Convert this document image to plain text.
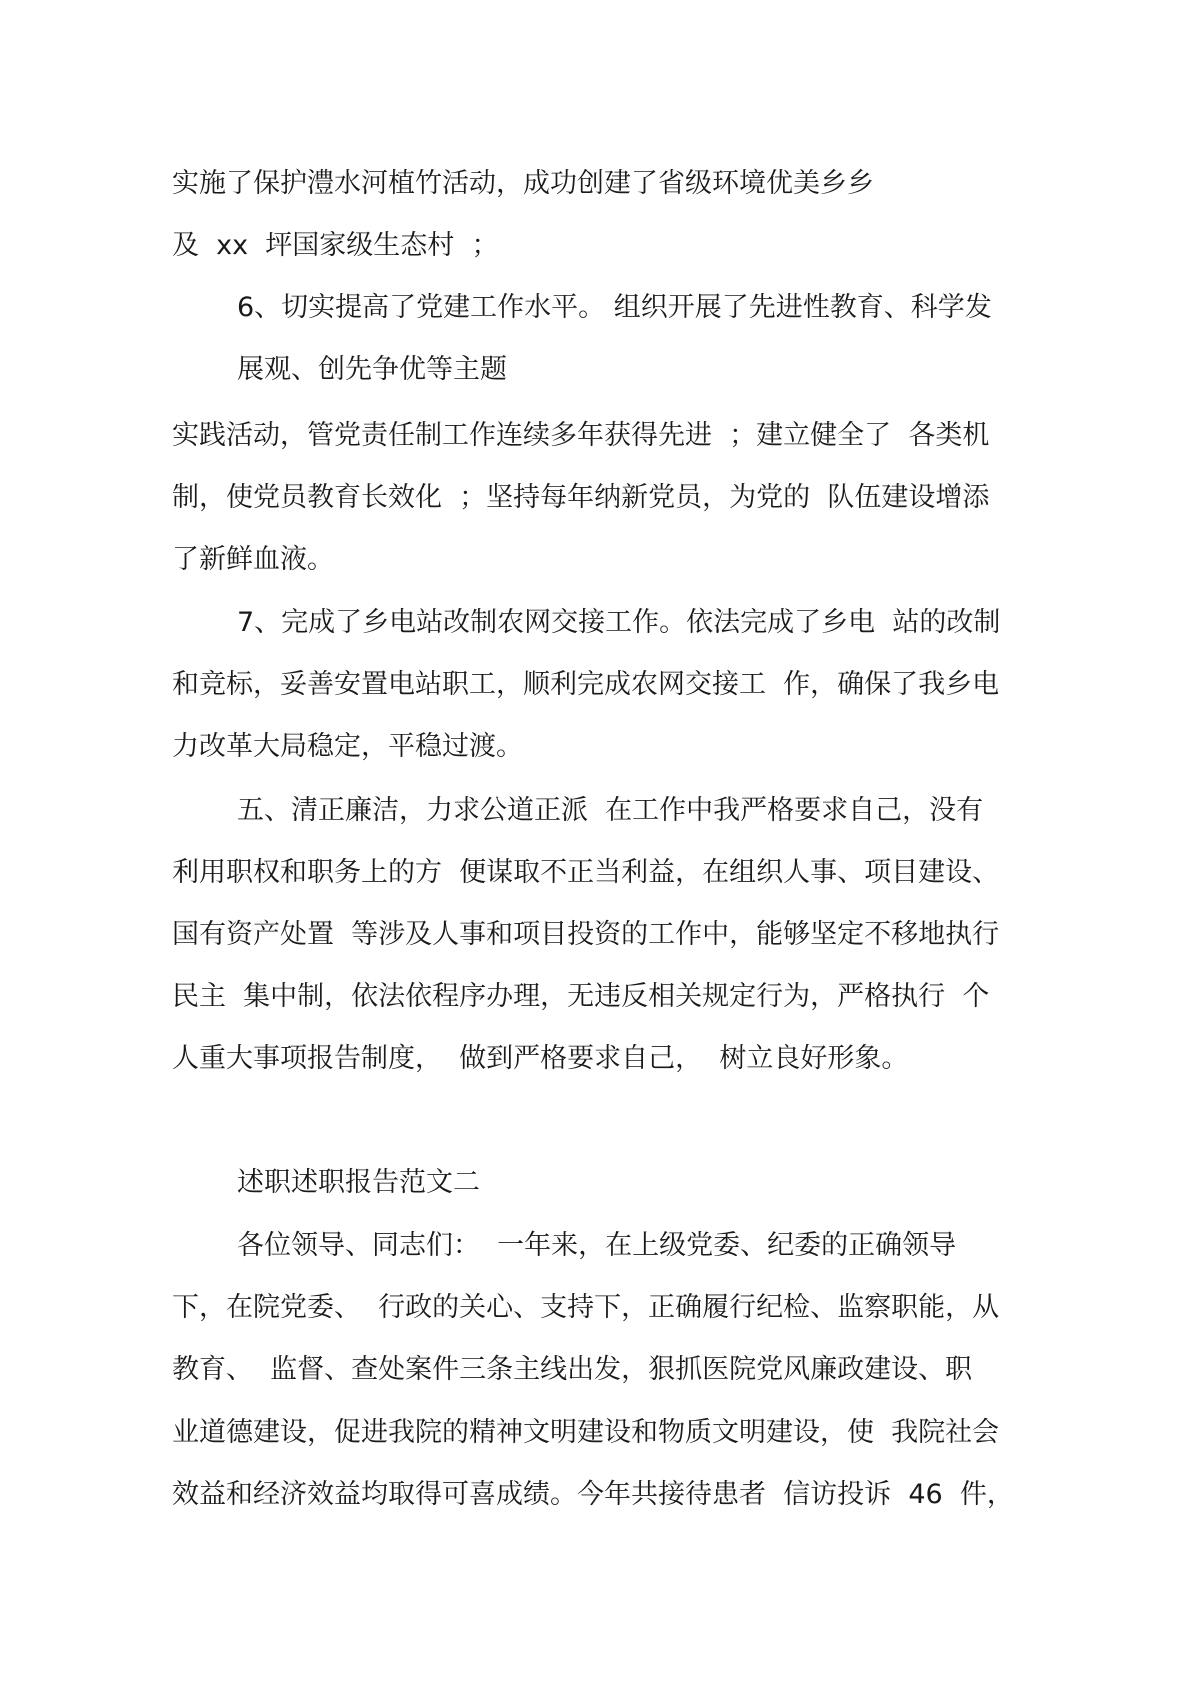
实施了保护澧水河植竹活动，成功创建了省级环境优美乡乡
及  xx  坪国家级生态村  ；
6、切实提高了党建工作水平。 组织开展了先进性教育、科学发
展观、创先争优等主题
实践活动，管党责任制工作连续多年获得先进  ；建立健全了  各类机
制，使党员教育长效化  ；坚持每年纳新党员，为党的  队伍建设增添
了新鲜血液。
7、完成了乡电站改制农网交接工作。依法完成了乡电  站的改制
和竞标，妥善安置电站职工，顺利完成农网交接工  作，确保了我乡电
力改革大局稳定，平稳过渡。
五、清正廉洁，力求公道正派  在工作中我严格要求自己，没有
利用职权和职务上的方  便谋取不正当利益，在组织人事、项目建设、
国有资产处置  等涉及人事和项目投资的工作中，能够坚定不移地执行
民主  集中制，依法依程序办理，无违反相关规定行为，严格执行  个
人重大事项报告制度，  做到严格要求自己，  树立良好形象。
述职述职报告范文二
各位领导、同志们：  一年来，在上级党委、纪委的正确领导
下，在院党委、  行政的关心、支持下，正确履行纪检、监察职能，从
教育、  监督、查处案件三条主线出发，狠抓医院党风廉政建设、职
业道德建设，促进我院的精神文明建设和物质文明建设，使  我院社会
效益和经济效益均取得可喜成绩。今年共接待患者  信访投诉  46  件，
